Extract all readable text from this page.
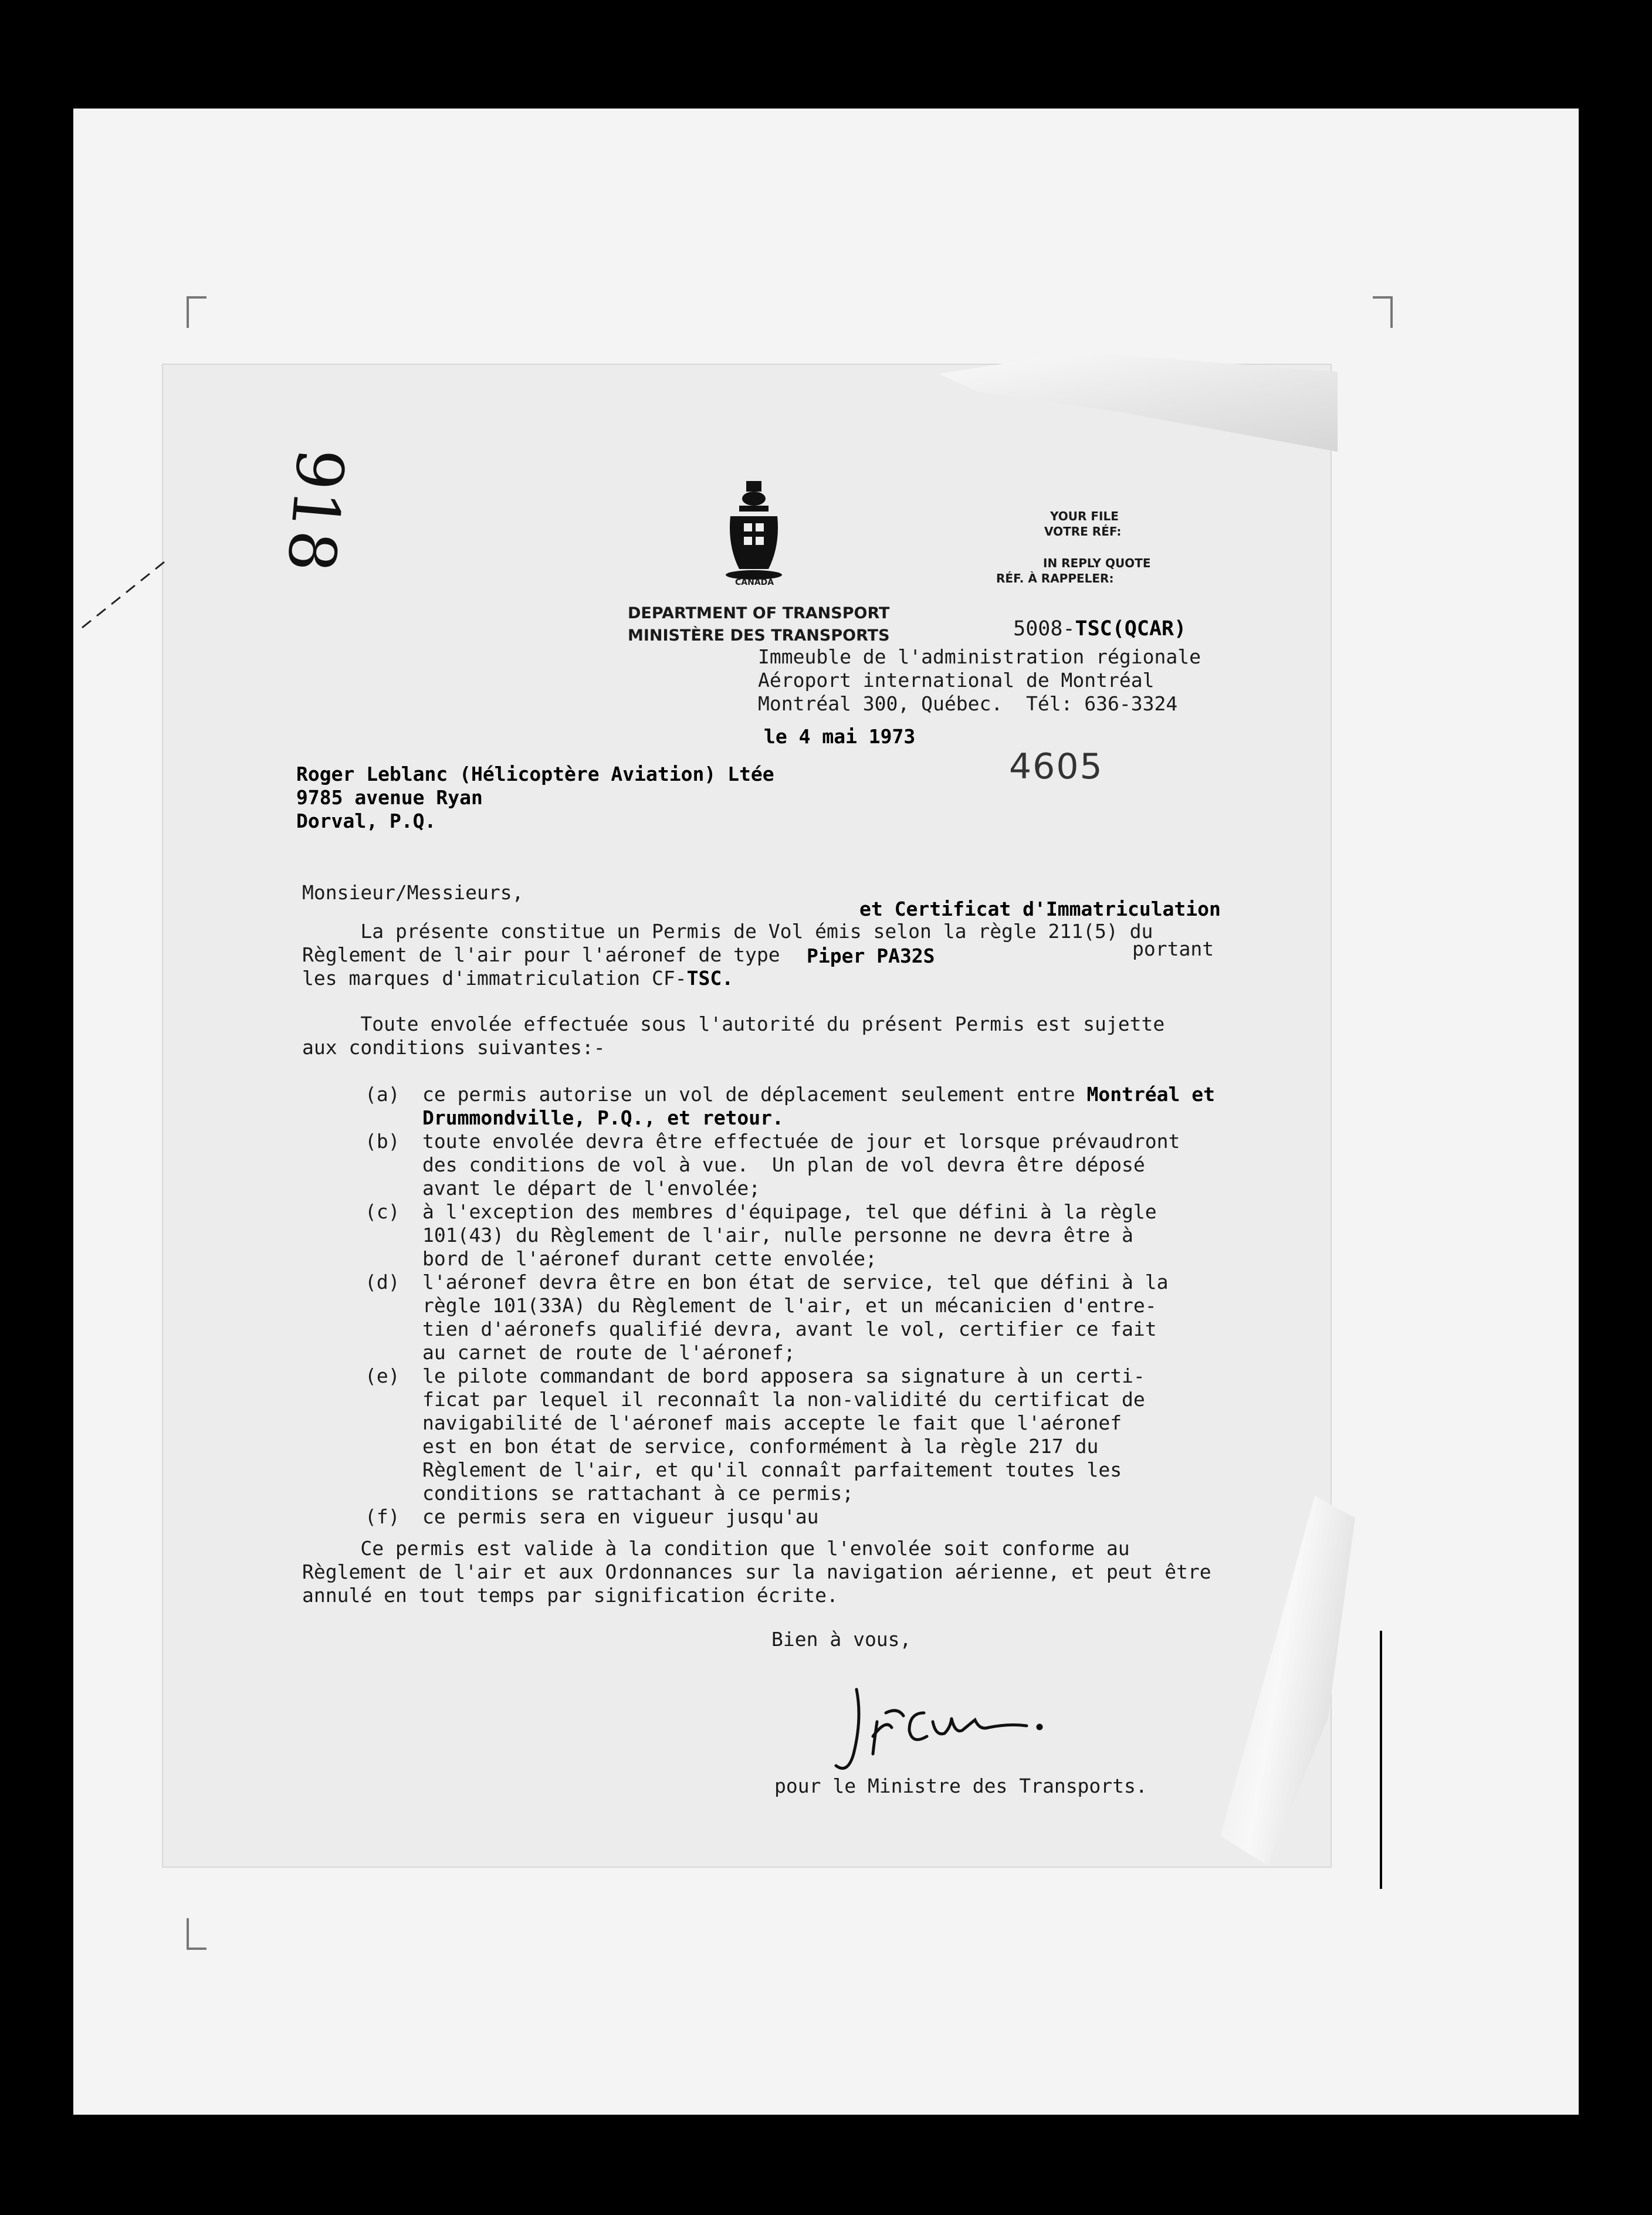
918
CANADA
DEPARTMENT OF TRANSPORT
MINISTÈRE DES TRANSPORTS
YOUR FILE
VOTRE RÉF:
IN REPLY QUOTE
RÉF. À RAPPELER:

5008-TSC(QCAR)

Immeuble de l'administration régionale
Aéroport international de Montréal
Montréal 300, Québec.  Tél: 636-3324
le 4 mai 1973
4605
Roger Leblanc (Hélicoptère Aviation) Ltée
9785 avenue Ryan
Dorval, P.Q.
Monsieur/Messieurs,
et Certificat d'Immatriculation
La présente constitue un Permis de Vol émis selon la règle 211(5) du
Règlement de l'air pour l'aéronef de type Piper PA32S	portant
les marques d'immatriculation CF-TSC.
Toute envolée effectuée sous l'autorité du présent Permis est sujette
aux conditions suivantes:-
(a) ce permis autorise un vol de déplacement seulement entre Montréal et
Drummondville, P.Q., et retour.
(b) toute envolée devra être effectuée de jour et lorsque prévaudront
des conditions de vol à vue.  Un plan de vol devra être déposé
avant le départ de l'envolée;
(c) à l'exception des membres d'équipage, tel que défini à la règle
101(43) du Règlement de l'air, nulle personne ne devra être à
bord de l'aéronef durant cette envolée;
(d) l'aéronef devra être en bon état de service, tel que défini à la
règle 101(33A) du Règlement de l'air, et un mécanicien d'entre-
tien d'aéronefs qualifié devra, avant le vol, certifier ce fait
au carnet de route de l'aéronef;
(e) le pilote commandant de bord apposera sa signature à un certi-
ficat par lequel il reconnaît la non-validité du certificat de
navigabilité de l'aéronef mais accepte le fait que l'aéronef
est en bon état de service, conformément à la règle 217 du
Règlement de l'air, et qu'il connaît parfaitement toutes les
conditions se rattachant à ce permis;
(f) ce permis sera en vigueur jusqu'au
Ce permis est valide à la condition que l'envolée soit conforme au
Règlement de l'air et aux Ordonnances sur la navigation aérienne, et peut être
annulé en tout temps par signification écrite.
Bien à vous,
pour le Ministre des Transports.
